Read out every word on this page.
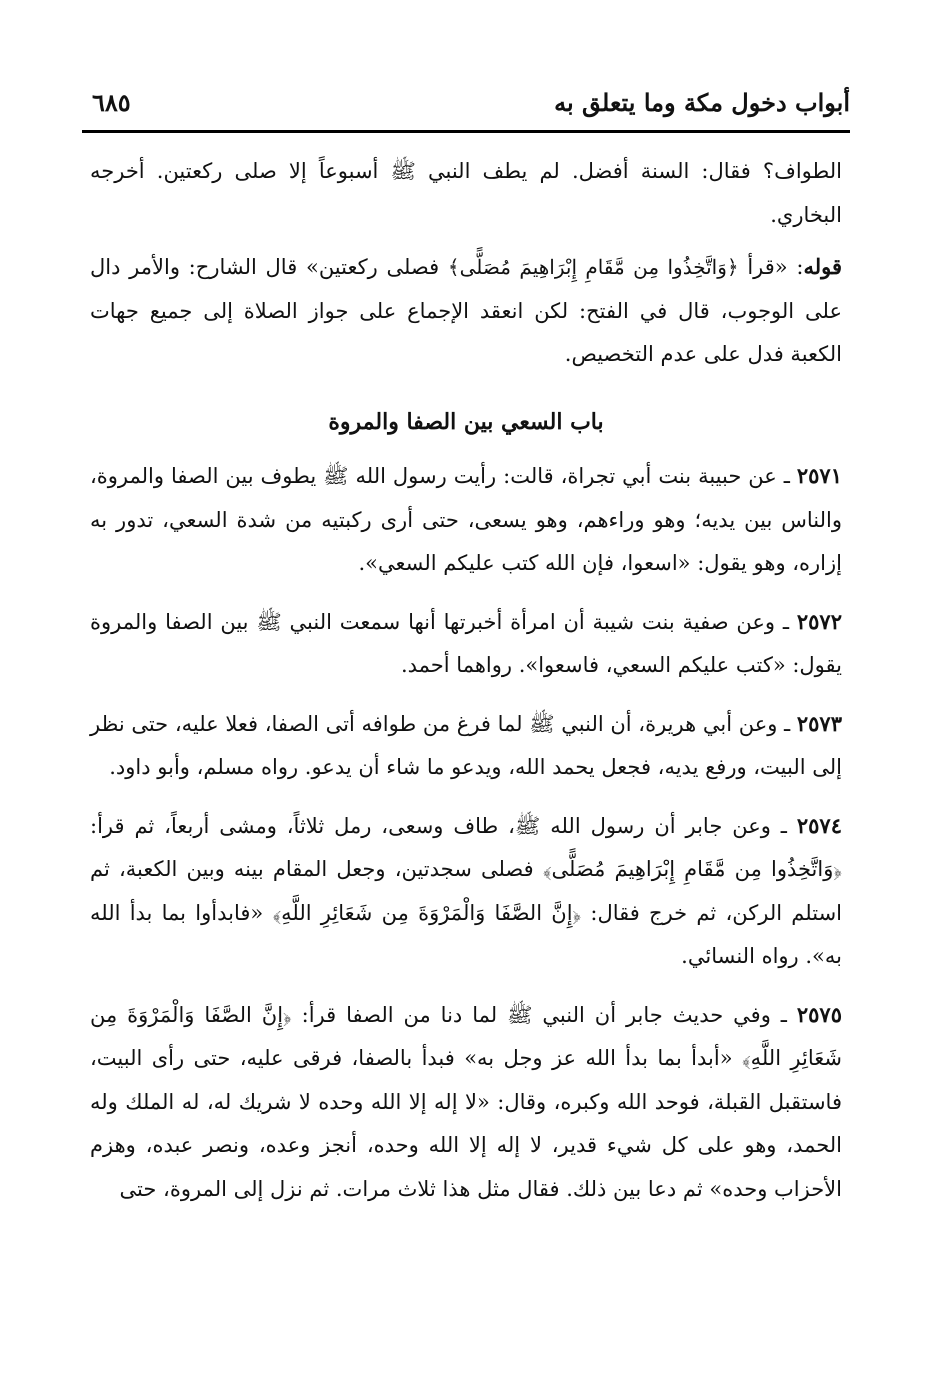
أبواب دخول مكة وما يتعلق به
٦٨٥

الطواف؟ فقال: السنة أفضل. لم يطف النبي ﷺ أسبوعاً إلا صلى ركعتين. أخرجه البخاري.

قوله: «قرأ ﴿وَاتَّخِذُوا مِن مَّقَامِ إِبْرَاهِيمَ مُصَلًّى﴾ فصلى ركعتين» قال الشارح: والأمر دال على الوجوب، قال في الفتح: لكن انعقد الإجماع على جواز الصلاة إلى جميع جهات الكعبة فدل على عدم التخصيص.

باب السعي بين الصفا والمروة

٢٥٧١ ـ عن حبيبة بنت أبي تجراة، قالت: رأيت رسول الله ﷺ يطوف بين الصفا والمروة، والناس بين يديه؛ وهو وراءهم، وهو يسعى، حتى أرى ركبتيه من شدة السعي، تدور به إزاره، وهو يقول: «اسعوا، فإن الله كتب عليكم السعي».

٢٥٧٢ ـ وعن صفية بنت شيبة أن امرأة أخبرتها أنها سمعت النبي ﷺ بين الصفا والمروة يقول: «كتب عليكم السعي، فاسعوا». رواهما أحمد.

٢٥٧٣ ـ وعن أبي هريرة، أن النبي ﷺ لما فرغ من طوافه أتى الصفا، فعلا عليه، حتى نظر إلى البيت، ورفع يديه، فجعل يحمد الله، ويدعو ما شاء أن يدعو. رواه مسلم، وأبو داود.

٢٥٧٤ ـ وعن جابر أن رسول الله ﷺ، طاف وسعى، رمل ثلاثاً، ومشى أربعاً، ثم قرأ: ﴿وَاتَّخِذُوا مِن مَّقَامِ إِبْرَاهِيمَ مُصَلًّى﴾ فصلى سجدتين، وجعل المقام بينه وبين الكعبة، ثم استلم الركن، ثم خرج فقال: ﴿إِنَّ الصَّفَا وَالْمَرْوَةَ مِن شَعَائِرِ اللَّهِ﴾ «فابدأوا بما بدأ الله به». رواه النسائي.

٢٥٧٥ ـ وفي حديث جابر أن النبي ﷺ لما دنا من الصفا قرأ: ﴿إِنَّ الصَّفَا وَالْمَرْوَةَ مِن شَعَائِرِ اللَّهِ﴾ «أبدأ بما بدأ الله عز وجل به» فبدأ بالصفا، فرقى عليه، حتى رأى البيت، فاستقبل القبلة، فوحد الله وكبره، وقال: «لا إله إلا الله وحده لا شريك له، له الملك وله الحمد، وهو على كل شيء قدير، لا إله إلا الله وحده، أنجز وعده، ونصر عبده، وهزم الأحزاب وحده» ثم دعا بين ذلك. فقال مثل هذا ثلاث مرات. ثم نزل إلى المروة، حتى
